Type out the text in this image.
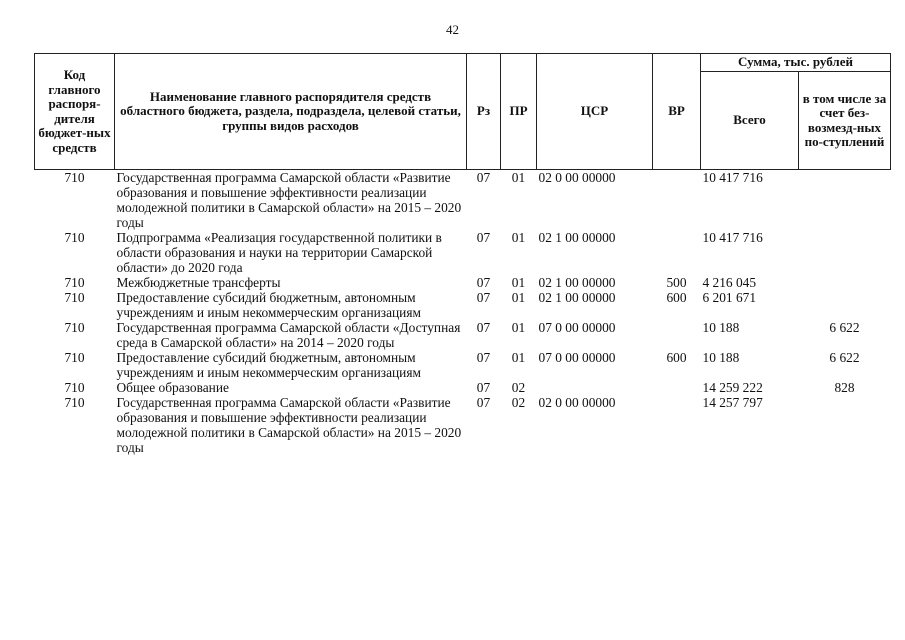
42
Код главного распоря-дителя бюджет-ных средств	Наименование главного распорядителя средств областного бюджета, раздела, подраздела, целевой статьи, группы видов расходов	Рз	ПР	ЦСР	ВР	Сумма, тыс. рублей	
						Всего	в том числе за счет без-возмезд-ных по-ступлений
710	Государственная программа Самарской области «Развитие образования и повышение эффективности реализации молодежной политики в Самарской области» на 2015 – 2020 годы	07	01	02 0 00 00000		10 417 716	
710	Подпрограмма «Реализация государственной политики в области образования и науки на территории Самарской области» до 2020 года	07	01	02 1 00 00000		10 417 716	
710	Межбюджетные трансферты	07	01	02 1 00 00000	500	4 216 045	
710	Предоставление субсидий бюджетным, автономным учреждениям и иным некоммерческим организациям	07	01	02 1 00 00000	600	6 201 671	
710	Государственная программа Самарской области «Доступная среда в Самарской области» на 2014 – 2020 годы	07	01	07 0 00 00000		10 188	6 622
710	Предоставление субсидий бюджетным, автономным учреждениям и иным некоммерческим организациям	07	01	07 0 00 00000	600	10 188	6 622
710	Общее образование	07	02			14 259 222	828
710	Государственная программа Самарской области «Развитие образования и повышение эффективности реализации молодежной политики в Самарской области» на 2015 – 2020 годы	07	02	02 0 00 00000		14 257 797	
